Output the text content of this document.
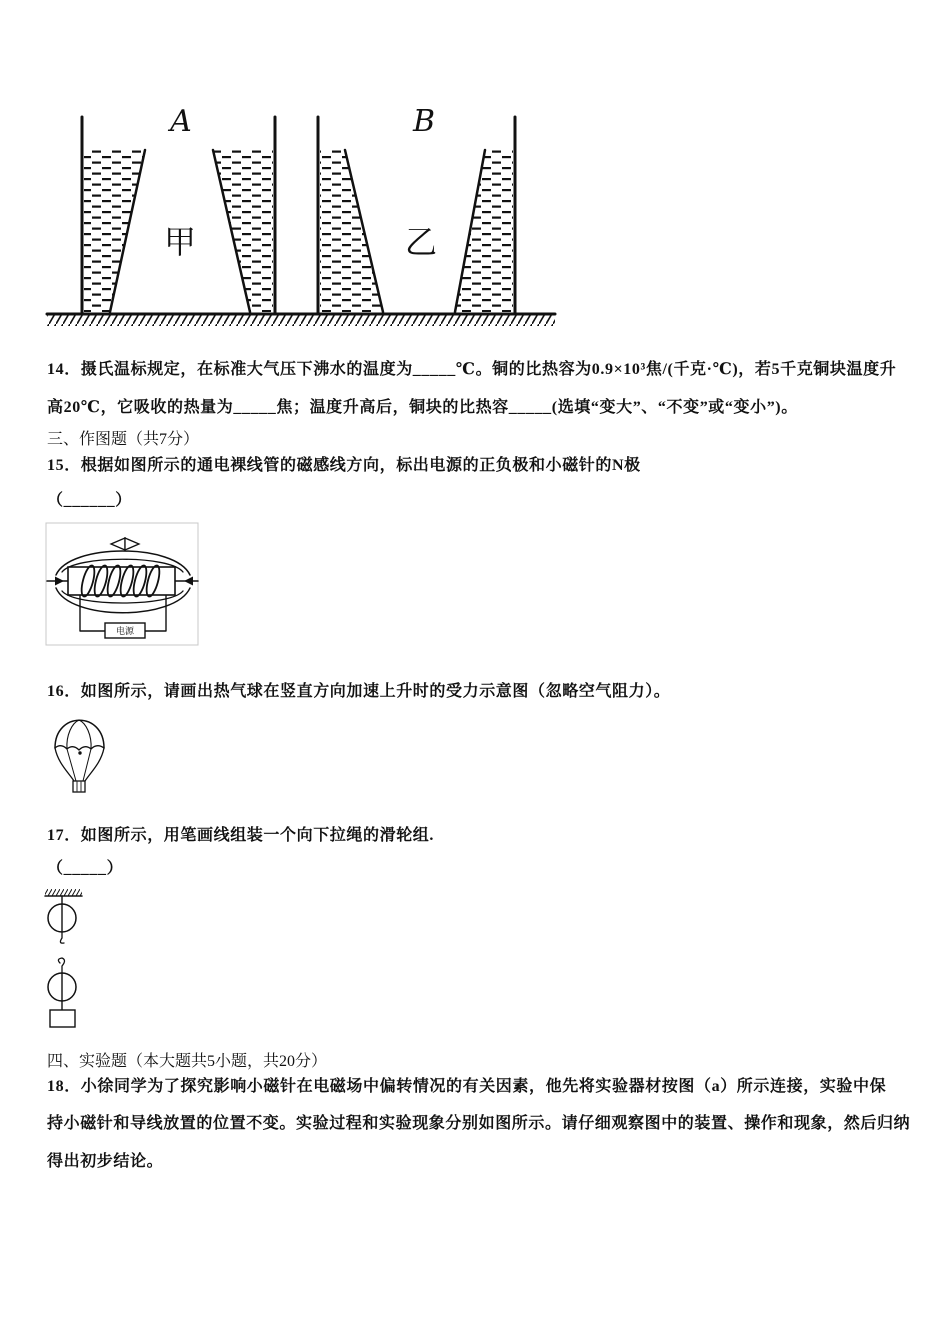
A
甲
B
乙
14．摄氏温标规定，在标准大气压下沸水的温度为_____℃。铜的比热容为0.9×10³焦/(千克·℃)，若5千克铜块温度升
高20℃，它吸收的热量为_____焦；温度升高后，铜块的比热容_____(选填“变大”、“不变”或“变小”)。
三、作图题（共7分）
15．根据如图所示的通电裸线管的磁感线方向，标出电源的正负极和小磁针的N极
（______）
电源
16．如图所示，请画出热气球在竖直方向加速上升时的受力示意图（忽略空气阻力）。
17．如图所示，用笔画线组装一个向下拉绳的滑轮组.
（_____）
四、实验题（本大题共5小题，共20分）
18．小徐同学为了探究影响小磁针在电磁场中偏转情况的有关因素，他先将实验器材按图（a）所示连接，实验中保
持小磁针和导线放置的位置不变。实验过程和实验现象分别如图所示。请仔细观察图中的装置、操作和现象，然后归纳
得出初步结论。
